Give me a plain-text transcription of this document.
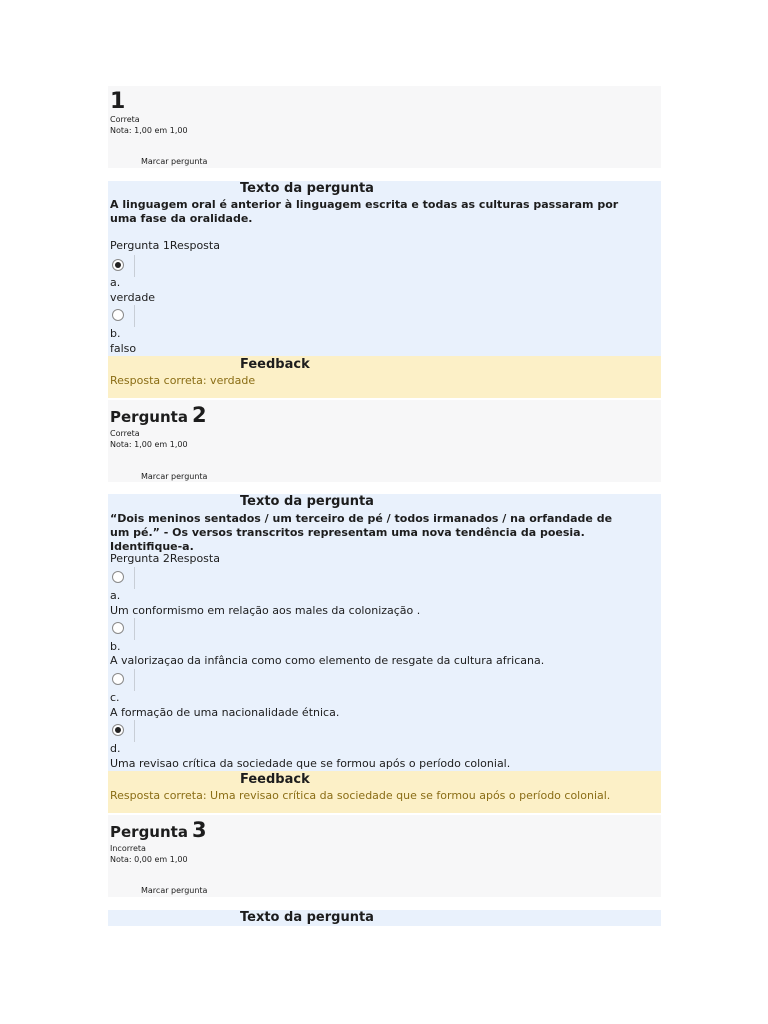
1
Correta
Nota: 1,00 em 1,00
Marcar pergunta
Texto da pergunta
A linguagem oral é anterior à linguagem escrita e todas as culturas passaram por uma fase da oralidade.
Pergunta 1Resposta
a.
verdade
b.
falso
Feedback
Resposta correta: verdade
Pergunta 2
Correta
Nota: 1,00 em 1,00
Marcar pergunta
Texto da pergunta
“Dois meninos sentados / um terceiro de pé / todos irmanados / na orfandade de um pé.” - Os versos transcritos representam uma nova tendência da poesia. Identifique-a.
Pergunta 2Resposta
a.
Um conformismo em relação aos males da colonização .
b.
A valorizaçao da infância como como elemento de resgate da cultura africana.
c.
A formação de uma nacionalidade étnica.
d.
Uma revisao crítica da sociedade que se formou após o período colonial.
Feedback
Resposta correta: Uma revisao crítica da sociedade que se formou após o período colonial.
Pergunta 3
Incorreta
Nota: 0,00 em 1,00
Marcar pergunta
Texto da pergunta
